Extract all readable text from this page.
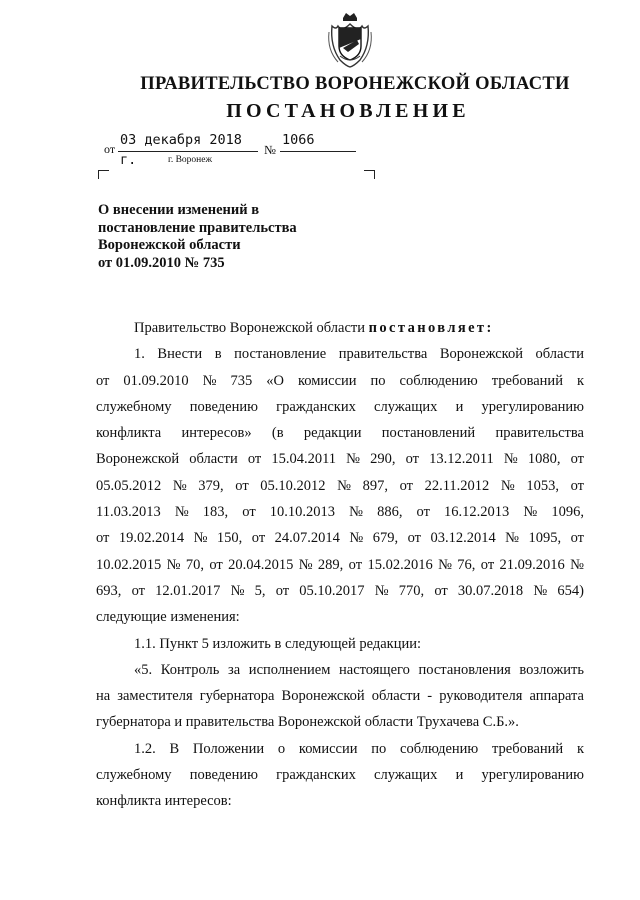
ПРАВИТЕЛЬСТВО ВОРОНЕЖСКОЙ ОБЛАСТИ
ПОСТАНОВЛЕНИЕ
от
03 декабря 2018 г.
№
1066
г. Воронеж
О внесении изменений в
постановление правительства
Воронежской области
от 01.09.2010 № 735
Правительство Воронежской области постановляет:
1. Внести в постановление правительства Воронежской области
от 01.09.2010 № 735 «О комиссии по соблюдению требований к
служебному поведению гражданских служащих и урегулированию
конфликта интересов» (в редакции постановлений правительства
Воронежской области от 15.04.2011 № 290, от 13.12.2011 № 1080, от
05.05.2012 № 379, от 05.10.2012 № 897, от 22.11.2012 № 1053, от
11.03.2013 № 183, от 10.10.2013 № 886, от 16.12.2013 № 1096,
от 19.02.2014 № 150, от 24.07.2014 № 679, от 03.12.2014 № 1095, от
10.02.2015 № 70, от 20.04.2015 № 289, от 15.02.2016 № 76, от 21.09.2016 №
693, от 12.01.2017 № 5, от 05.10.2017 № 770, от 30.07.2018 № 654)
следующие изменения:
1.1. Пункт 5 изложить в следующей редакции:
«5. Контроль за исполнением настоящего постановления возложить
на заместителя губернатора Воронежской области - руководителя аппарата
губернатора и правительства Воронежской области Трухачева С.Б.».
1.2. В Положении о комиссии по соблюдению требований к
служебному поведению гражданских служащих и урегулированию
конфликта интересов:
